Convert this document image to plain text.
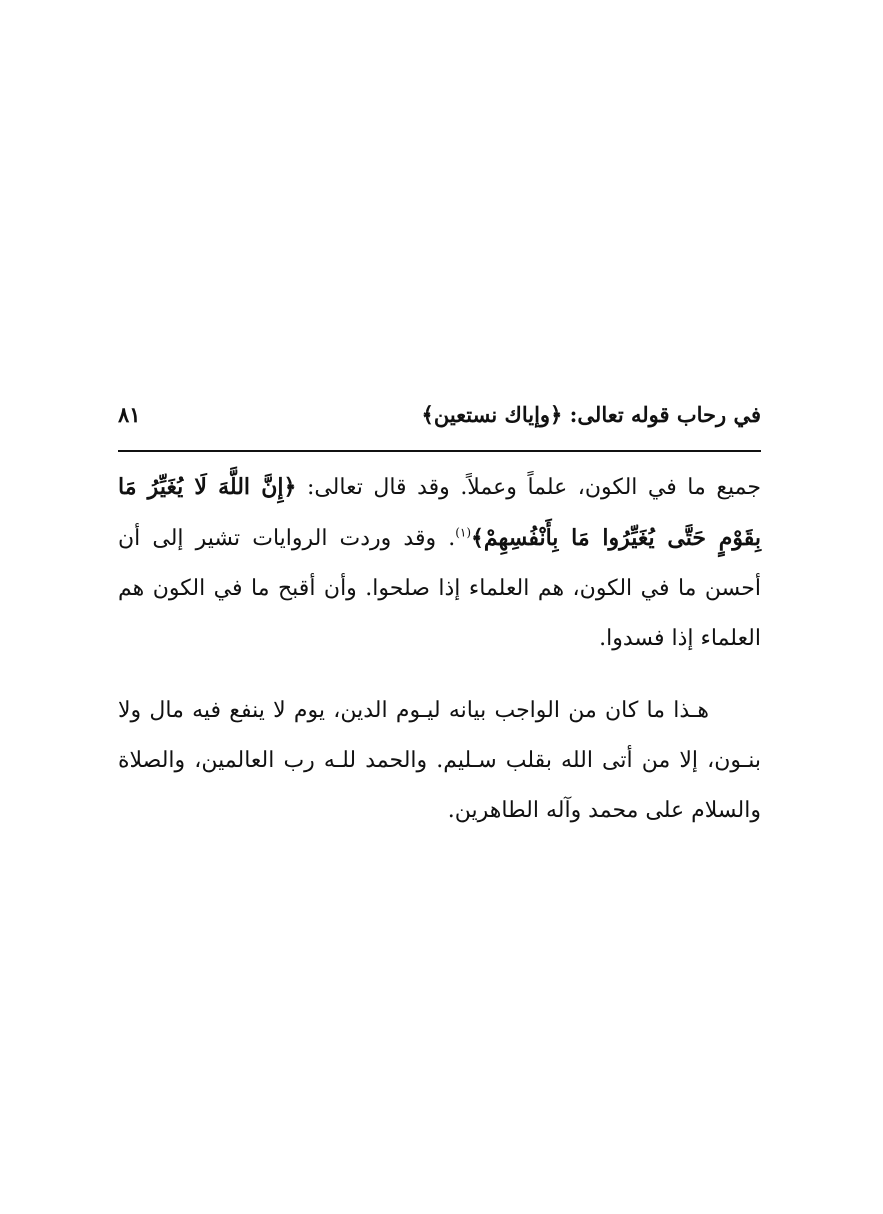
في رحاب قوله تعالى: ﴿وإياك نستعين﴾
٨١

جميع ما في الكون، علماً وعملاً. وقد قال تعالى: ﴿إِنَّ اللَّهَ لَا يُغَيِّرُ مَا بِقَوْمٍ حَتَّى يُغَيِّرُوا مَا بِأَنْفُسِهِمْ﴾$^{(١)}$. وقد وردت الروايات تشير إلى أن أحسن ما في الكون، هم العلماء إذا صلحوا. وأن أقبح ما في الكون هم العلماء إذا فسدوا.

هـذا ما كان من الواجب بيانه ليـوم الدين، يوم لا ينفع فيه مال ولا بنـون، إلا من أتى الله بقلب سـليم. والحمد للـه رب العالمين، والصلاة والسلام على محمد وآله الطاهرين.
